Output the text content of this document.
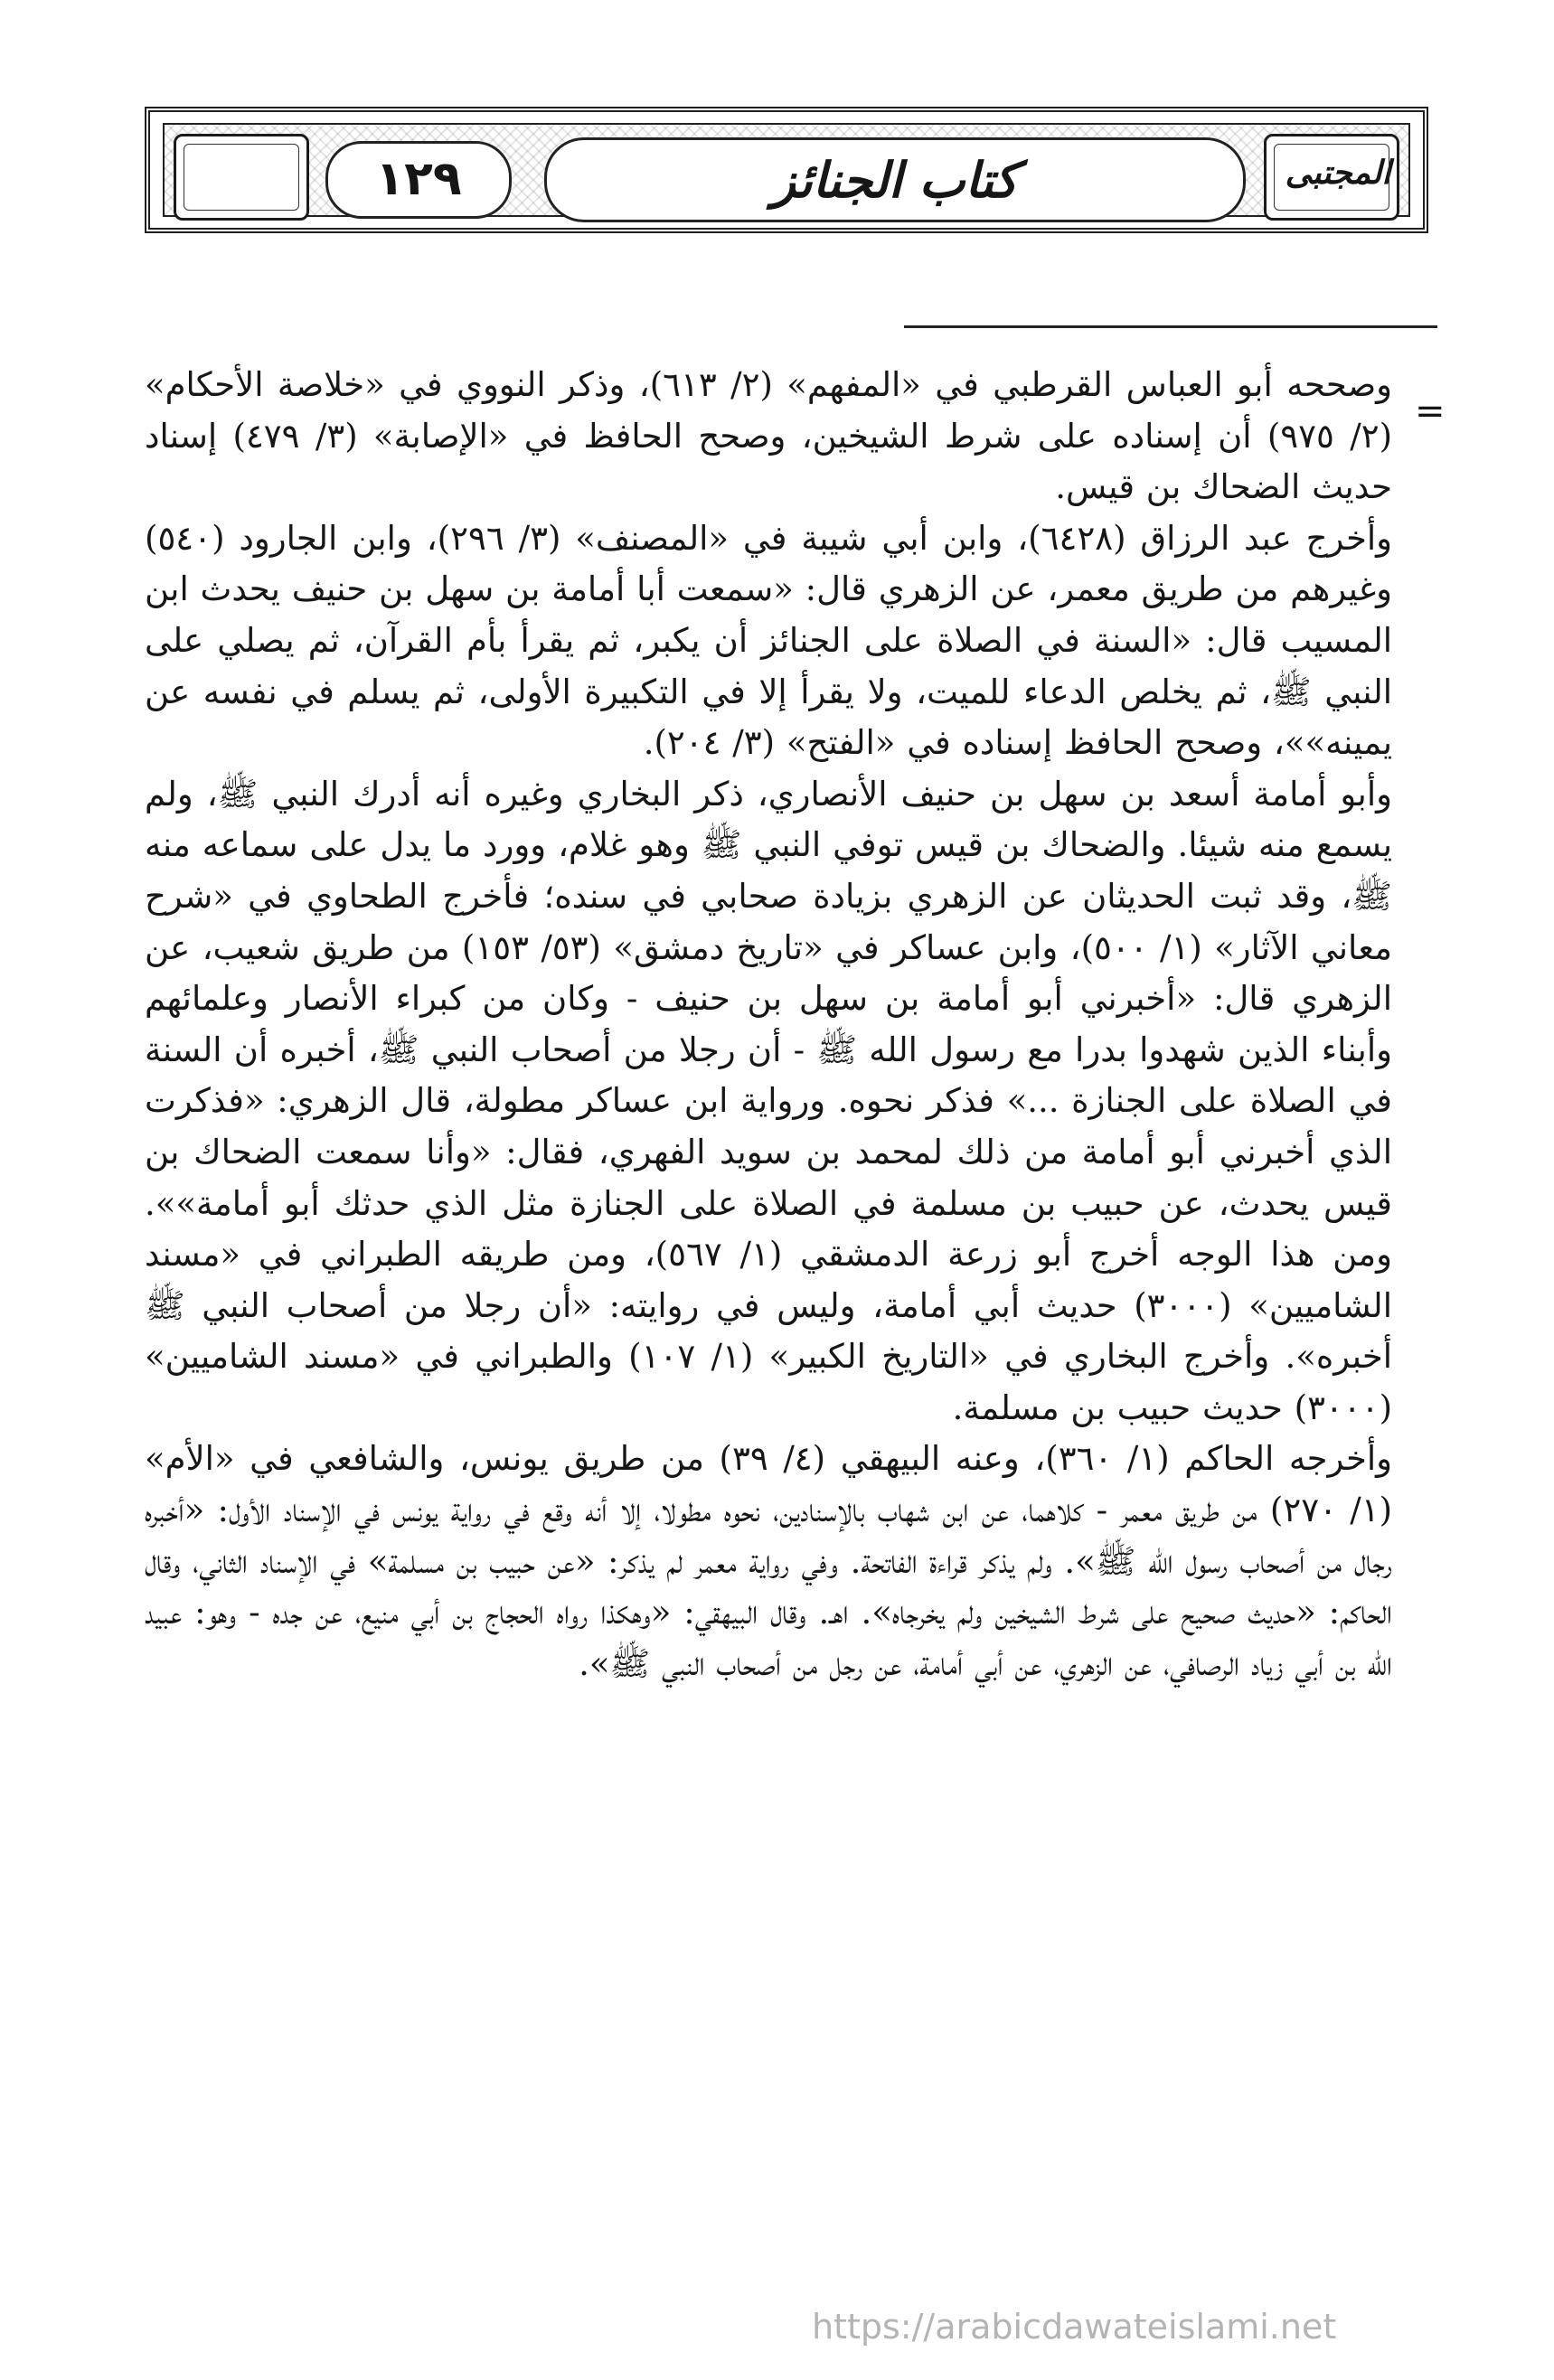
١٢٩	كتاب الجنائز	المجتبى
=

وصححه أبو العباس القرطبي في «المفهم» (٢/ ٦١٣)، وذكر النووي في «خلاصة الأحكام» (٢/ ٩٧٥) أن إسناده على شرط الشيخين، وصحح الحافظ في «الإصابة» (٣/ ٤٧٩) إسناد حديث الضحاك بن قيس.

وأخرج عبد الرزاق (٦٤٢٨)، وابن أبي شيبة في «المصنف» (٣/ ٢٩٦)، وابن الجارود (٥٤٠) وغيرهم من طريق معمر، عن الزهري قال: «سمعت أبا أمامة بن سهل بن حنيف يحدث ابن المسيب قال: «السنة في الصلاة على الجنائز أن يكبر، ثم يقرأ بأم القرآن، ثم يصلي على النبي ﷺ، ثم يخلص الدعاء للميت، ولا يقرأ إلا في التكبيرة الأولى، ثم يسلم في نفسه عن يمينه»»، وصحح الحافظ إسناده في «الفتح» (٣/ ٢٠٤).

وأبو أمامة أسعد بن سهل بن حنيف الأنصاري، ذكر البخاري وغيره أنه أدرك النبي ﷺ، ولم يسمع منه شيئا. والضحاك بن قيس توفي النبي ﷺ وهو غلام، وورد ما يدل على سماعه منه ﷺ، وقد ثبت الحديثان عن الزهري بزيادة صحابي في سنده؛ فأخرج الطحاوي في «شرح معاني الآثار» (١/ ٥٠٠)، وابن عساكر في «تاريخ دمشق» (٥٣/ ١٥٣) من طريق شعيب، عن الزهري قال: «أخبرني أبو أمامة بن سهل بن حنيف - وكان من كبراء الأنصار وعلمائهم وأبناء الذين شهدوا بدرا مع رسول الله ﷺ - أن رجلا من أصحاب النبي ﷺ، أخبره أن السنة في الصلاة على الجنازة ...» فذكر نحوه. ورواية ابن عساكر مطولة، قال الزهري: «فذكرت الذي أخبرني أبو أمامة من ذلك لمحمد بن سويد الفهري، فقال: «وأنا سمعت الضحاك بن قيس يحدث، عن حبيب بن مسلمة في الصلاة على الجنازة مثل الذي حدثك أبو أمامة»». ومن هذا الوجه أخرج أبو زرعة الدمشقي (١/ ٥٦٧)، ومن طريقه الطبراني في «مسند الشاميين» (٣٠٠٠) حديث أبي أمامة، وليس في روايته: «أن رجلا من أصحاب النبي ﷺ أخبره». وأخرج البخاري في «التاريخ الكبير» (١/ ١٠٧) والطبراني في «مسند الشاميين» (٣٠٠٠) حديث حبيب بن مسلمة.

وأخرجه الحاكم (١/ ٣٦٠)، وعنه البيهقي (٤/ ٣٩) من طريق يونس، والشافعي في «الأم» (١/ ٢٧٠) من طريق معمر - كلاهما، عن ابن شهاب بالإسنادين، نحوه مطولا، إلا أنه وقع في رواية يونس في الإسناد الأول: «أخبره رجال من أصحاب رسول الله ﷺ». ولم يذكر قراءة الفاتحة. وفي رواية معمر لم يذكر: «عن حبيب بن مسلمة» في الإسناد الثاني، وقال الحاكم: «حديث صحيح على شرط الشيخين ولم يخرجاه». اهـ. وقال البيهقي: «وهكذا رواه الحجاج بن أبي منيع، عن جده - وهو: عبيد الله بن أبي زياد الرصافي، عن الزهري، عن أبي أمامة، عن رجل من أصحاب النبي ﷺ».

https://arabicdawateislami.net
